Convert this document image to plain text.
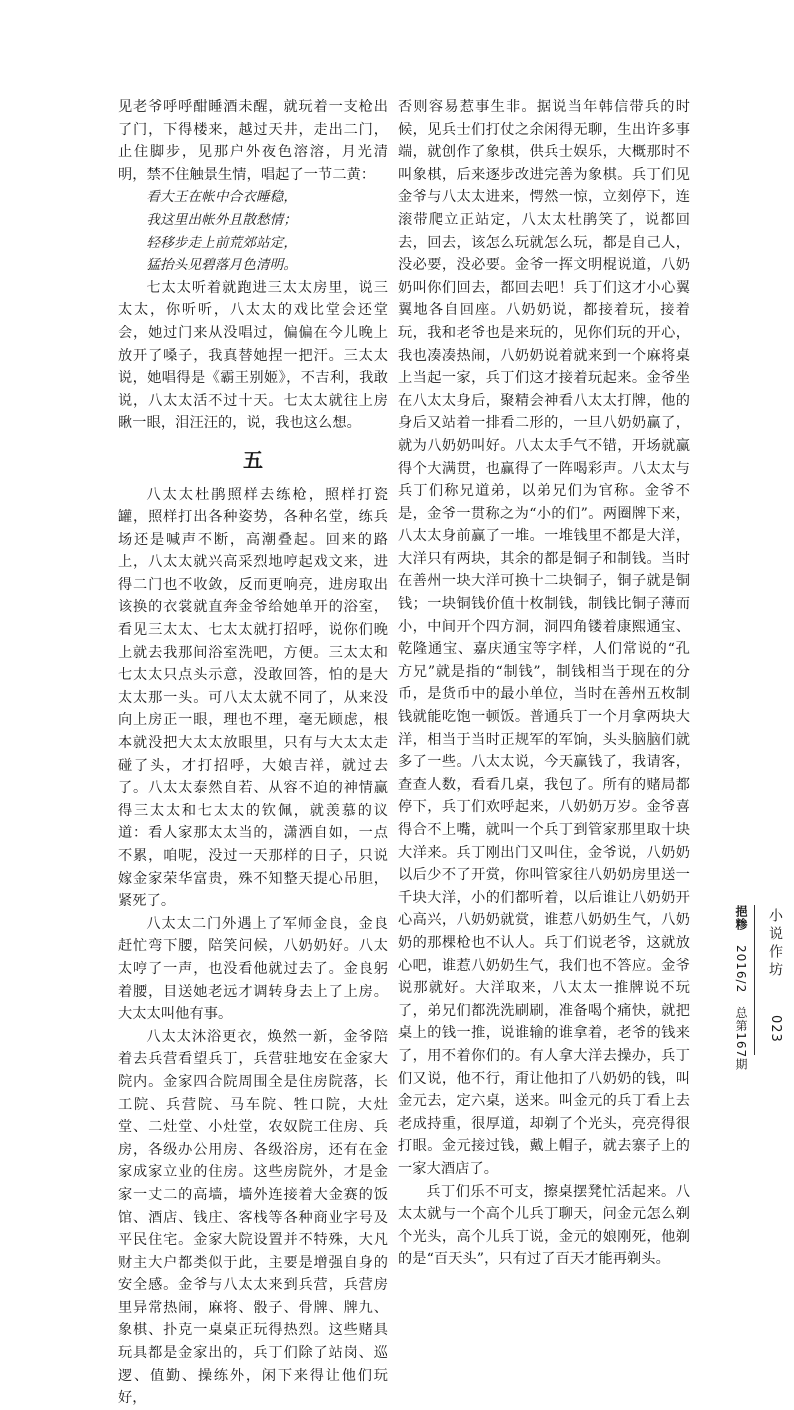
见老爷呼呼酣睡酒未醒，就玩着一支枪出了门，下得楼来，越过天井，走出二门，止住脚步，见那户外夜色溶溶，月光清明，禁不住触景生情，唱起了一节二黄：

看大王在帐中合衣睡稳，
我这里出帐外且散愁情；
轻移步走上前荒郊站定，
猛抬头见碧落月色清明。

七太太听着就跑进三太太房里，说三太太，你听听，八太太的戏比堂会还堂会，她过门来从没唱过，偏偏在今儿晚上放开了嗓子，我真替她捏一把汗。三太太说，她唱得是《霸王别姬》，不吉利，我敢说，八太太活不过十天。七太太就往上房瞅一眼，泪汪汪的，说，我也这么想。

五

八太太杜鹃照样去练枪，照样打瓷罐，照样打出各种姿势，各种名堂，练兵场还是喊声不断，高潮叠起。回来的路上，八太太就兴高采烈地哼起戏文来，进得二门也不收敛，反而更响亮，进房取出该换的衣裳就直奔金爷给她单开的浴室，看见三太太、七太太就打招呼，说你们晚上就去我那间浴室洗吧，方便。三太太和七太太只点头示意，没敢回答，怕的是大太太那一头。可八太太就不同了，从来没向上房正一眼，理也不理，毫无顾虑，根本就没把大太太放眼里，只有与大太太走碰了头，才打招呼，大娘吉祥，就过去了。八太太泰然自若、从容不迫的神情赢得三太太和七太太的钦佩，就羡慕的议道：看人家那太太当的，潇洒自如，一点不累，咱呢，没过一天那样的日子，只说嫁金家荣华富贵，殊不知整天提心吊胆，紧死了。

八太太二门外遇上了军师金良，金良赶忙弯下腰，陪笑问候，八奶奶好。八太太哼了一声，也没看他就过去了。金良躬着腰，目送她老远才调转身去上了上房。大太太叫他有事。

八太太沐浴更衣，焕然一新，金爷陪着去兵营看望兵丁，兵营驻地安在金家大院内。金家四合院周围全是住房院落，长工院、兵营院、马车院、牲口院，大灶堂、二灶堂、小灶堂，农奴院工住房、兵房，各级办公用房、各级浴房，还有在金家成家立业的住房。这些房院外，才是金家一丈二的高墙，墙外连接着大金赛的饭馆、酒店、钱庄、客栈等各种商业字号及平民住宅。金家大院设置并不特殊，大凡财主大户都类似于此，主要是增强自身的安全感。金爷与八太太来到兵营，兵营房里异常热闹，麻将、骰子、骨牌、牌九、象棋、扑克一桌桌正玩得热烈。这些赌具玩具都是金家出的，兵丁们除了站岗、巡逻、值勤、操练外，闲下来得让他们玩好，

否则容易惹事生非。据说当年韩信带兵的时候，见兵士们打仗之余闲得无聊，生出许多事端，就创作了象棋，供兵士娱乐，大概那时不叫象棋，后来逐步改进完善为象棋。兵丁们见金爷与八太太进来，愕然一惊，立刻停下，连滚带爬立正站定，八太太杜鹃笑了，说都回去，回去，该怎么玩就怎么玩，都是自己人，没必要，没必要。金爷一挥文明棍说道，八奶奶叫你们回去，都回去吧！兵丁们这才小心翼翼地各自回座。八奶奶说，都接着玩，接着玩，我和老爷也是来玩的，见你们玩的开心，我也凑凑热闹，八奶奶说着就来到一个麻将桌上当起一家，兵丁们这才接着玩起来。金爷坐在八太太身后，聚精会神看八太太打牌，他的身后又站着一排看二形的，一旦八奶奶赢了，就为八奶奶叫好。八太太手气不错，开场就赢得个大满贯，也赢得了一阵喝彩声。八太太与兵丁们称兄道弟，以弟兄们为官称。金爷不是，金爷一贯称之为“小的们”。两圈牌下来，八太太身前赢了一堆。一堆钱里不都是大洋，大洋只有两块，其余的都是铜子和制钱。当时在善州一块大洋可换十二块铜子，铜子就是铜钱；一块铜钱价值十枚制钱，制钱比铜子薄而小，中间开个四方洞，洞四角镂着康熙通宝、乾隆通宝、嘉庆通宝等字样，人们常说的“孔方兄”就是指的“制钱”，制钱相当于现在的分币，是货币中的最小单位，当时在善州五枚制钱就能吃饱一顿饭。普通兵丁一个月拿两块大洋，相当于当时正规军的军饷，头头脑脑们就多了一些。八太太说，今天赢钱了，我请客，查查人数，看看几桌，我包了。所有的赌局都停下，兵丁们欢呼起来，八奶奶万岁。金爷喜得合不上嘴，就叫一个兵丁到管家那里取十块大洋来。兵丁刚出门又叫住，金爷说，八奶奶以后少不了开赏，你叫管家往八奶奶房里送一千块大洋，小的们都听着，以后谁让八奶奶开心高兴，八奶奶就赏，谁惹八奶奶生气，八奶奶的那棵枪也不认人。兵丁们说老爷，这就放心吧，谁惹八奶奶生气，我们也不答应。金爷说那就好。大洋取来，八太太一推牌说不玩了，弟兄们都洗洗刷刷，准备喝个痛快，就把桌上的钱一推，说谁输的谁拿着，老爷的钱来了，用不着你们的。有人拿大洋去操办，兵丁们又说，他不行，甭让他扣了八奶奶的钱，叫金元去，定六桌，送来。叫金元的兵丁看上去老成持重，很厚道，却剃了个光头，亮亮得很打眼。金元接过钱，戴上帽子，就去寨子上的一家大酒店了。

兵丁们乐不可支，擦桌摆凳忙活起来。八太太就与一个高个儿兵丁聊天，问金元怎么剃个光头，高个儿兵丁说，金元的娘刚死，他剃的是“百天头”，只有过了百天才能再剃头。

挹糁
2016/2　总第167期
小说作坊
023
